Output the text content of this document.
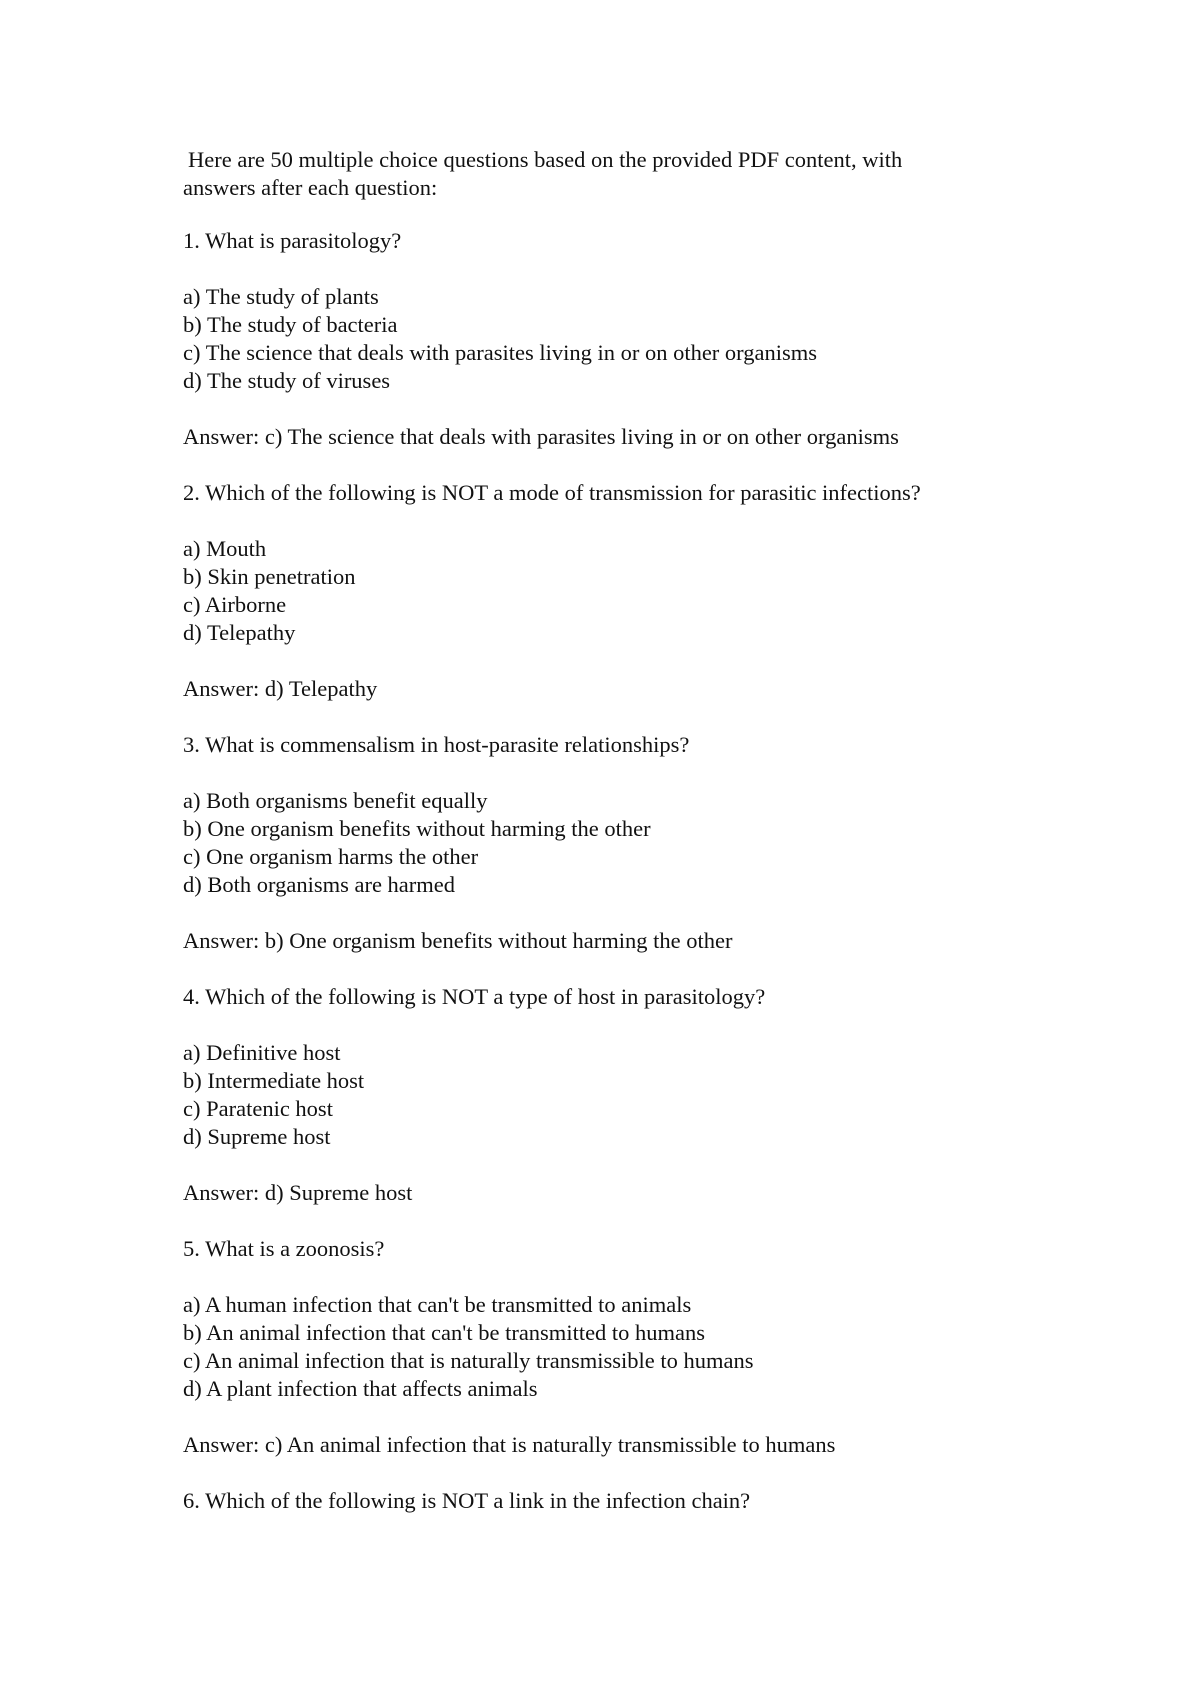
Here are 50 multiple choice questions based on the provided PDF content, with
answers after each question:
1. What is parasitology?
a) The study of plants
b) The study of bacteria
c) The science that deals with parasites living in or on other organisms
d) The study of viruses
Answer: c) The science that deals with parasites living in or on other organisms
2. Which of the following is NOT a mode of transmission for parasitic infections?
a) Mouth
b) Skin penetration
c) Airborne
d) Telepathy
Answer: d) Telepathy
3. What is commensalism in host-parasite relationships?
a) Both organisms benefit equally
b) One organism benefits without harming the other
c) One organism harms the other
d) Both organisms are harmed
Answer: b) One organism benefits without harming the other
4. Which of the following is NOT a type of host in parasitology?
a) Definitive host
b) Intermediate host
c) Paratenic host
d) Supreme host
Answer: d) Supreme host
5. What is a zoonosis?
a) A human infection that can't be transmitted to animals
b) An animal infection that can't be transmitted to humans
c) An animal infection that is naturally transmissible to humans
d) A plant infection that affects animals
Answer: c) An animal infection that is naturally transmissible to humans
6. Which of the following is NOT a link in the infection chain?
